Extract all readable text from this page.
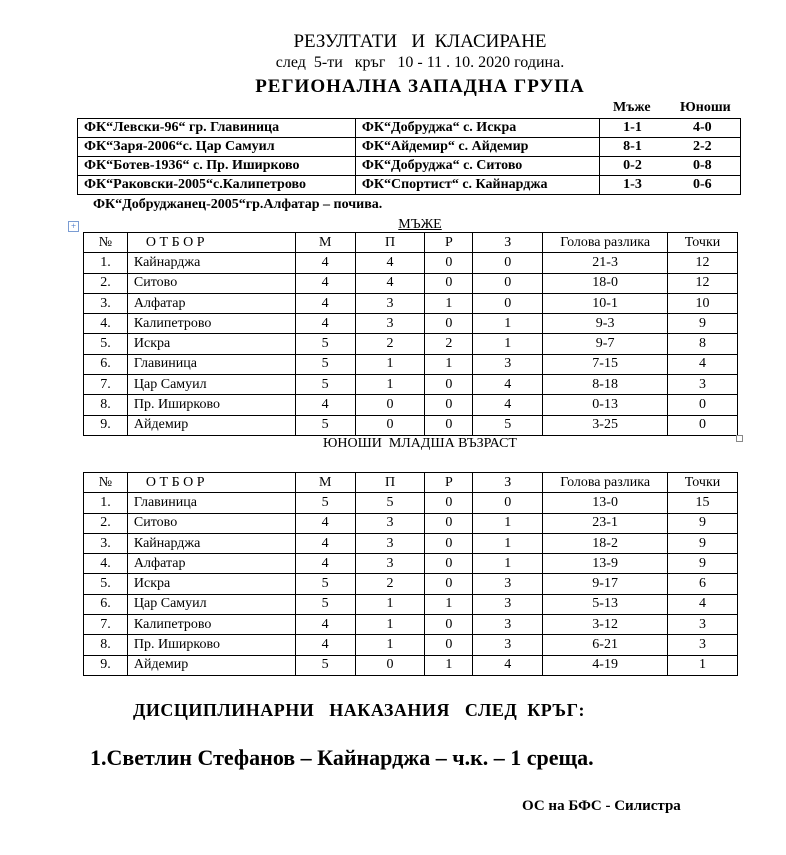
РЕЗУЛТАТИ   И  КЛАСИРАНЕ
след  5-ти   кръг   10 - 11 . 10. 2020 година.
РЕГИОНАЛНА ЗАПАДНА ГРУПА
Мъже Юноши
ФК“Левски-96“ гр. Главиница	ФК“Добруджа“ с. Искра	1-1	4-0
ФК“Заря-2006“с. Цар Самуил	ФК“Айдемир“ с. Айдемир	8-1	2-2
ФК“Ботев-1936“ с. Пр. Иширково	ФК“Добруджа“ с. Ситово	0-2	0-8
ФК“Раковски-2005“с.Калипетрово	ФК“Спортист“ с. Кайнарджа	1-3	0-6
ФК“Добруджанец-2005“гр.Алфатар – почива.
+	МЪЖЕ
№	О Т Б О Р	М	П	Р	З	Голова разлика	Точки
1.	Кайнарджа	4	4	0	0	21-3	12
2.	Ситово	4	4	0	0	18-0	12
3.	Алфатар	4	3	1	0	10-1	10
4.	Калипетрово	4	3	0	1	9-3	9
5.	Искра	5	2	2	1	9-7	8
6.	Главиница	5	1	1	3	7-15	4
7.	Цар Самуил	5	1	0	4	8-18	3
8.	Пр. Иширково	4	0	0	4	0-13	0
9.	Айдемир	5	0	0	5	3-25	0
ЮНОШИ  МЛАДША ВЪЗРАСТ
№	О Т Б О Р	М	П	Р	З	Голова разлика	Точки
1.	Главиница	5	5	0	0	13-0	15
2.	Ситово	4	3	0	1	23-1	9
3.	Кайнарджа	4	3	0	1	18-2	9
4.	Алфатар	4	3	0	1	13-9	9
5.	Искра	5	2	0	3	9-17	6
6.	Цар Самуил	5	1	1	3	5-13	4
7.	Калипетрово	4	1	0	3	3-12	3
8.	Пр. Иширково	4	1	0	3	6-21	3
9.	Айдемир	5	0	1	4	4-19	1
ДИСЦИПЛИНАРНИ   НАКАЗАНИЯ   СЛЕД  КРЪГ:
1.Светлин Стефанов – Кайнарджа – ч.к. – 1 среща.
ОС на БФС - Силистра
